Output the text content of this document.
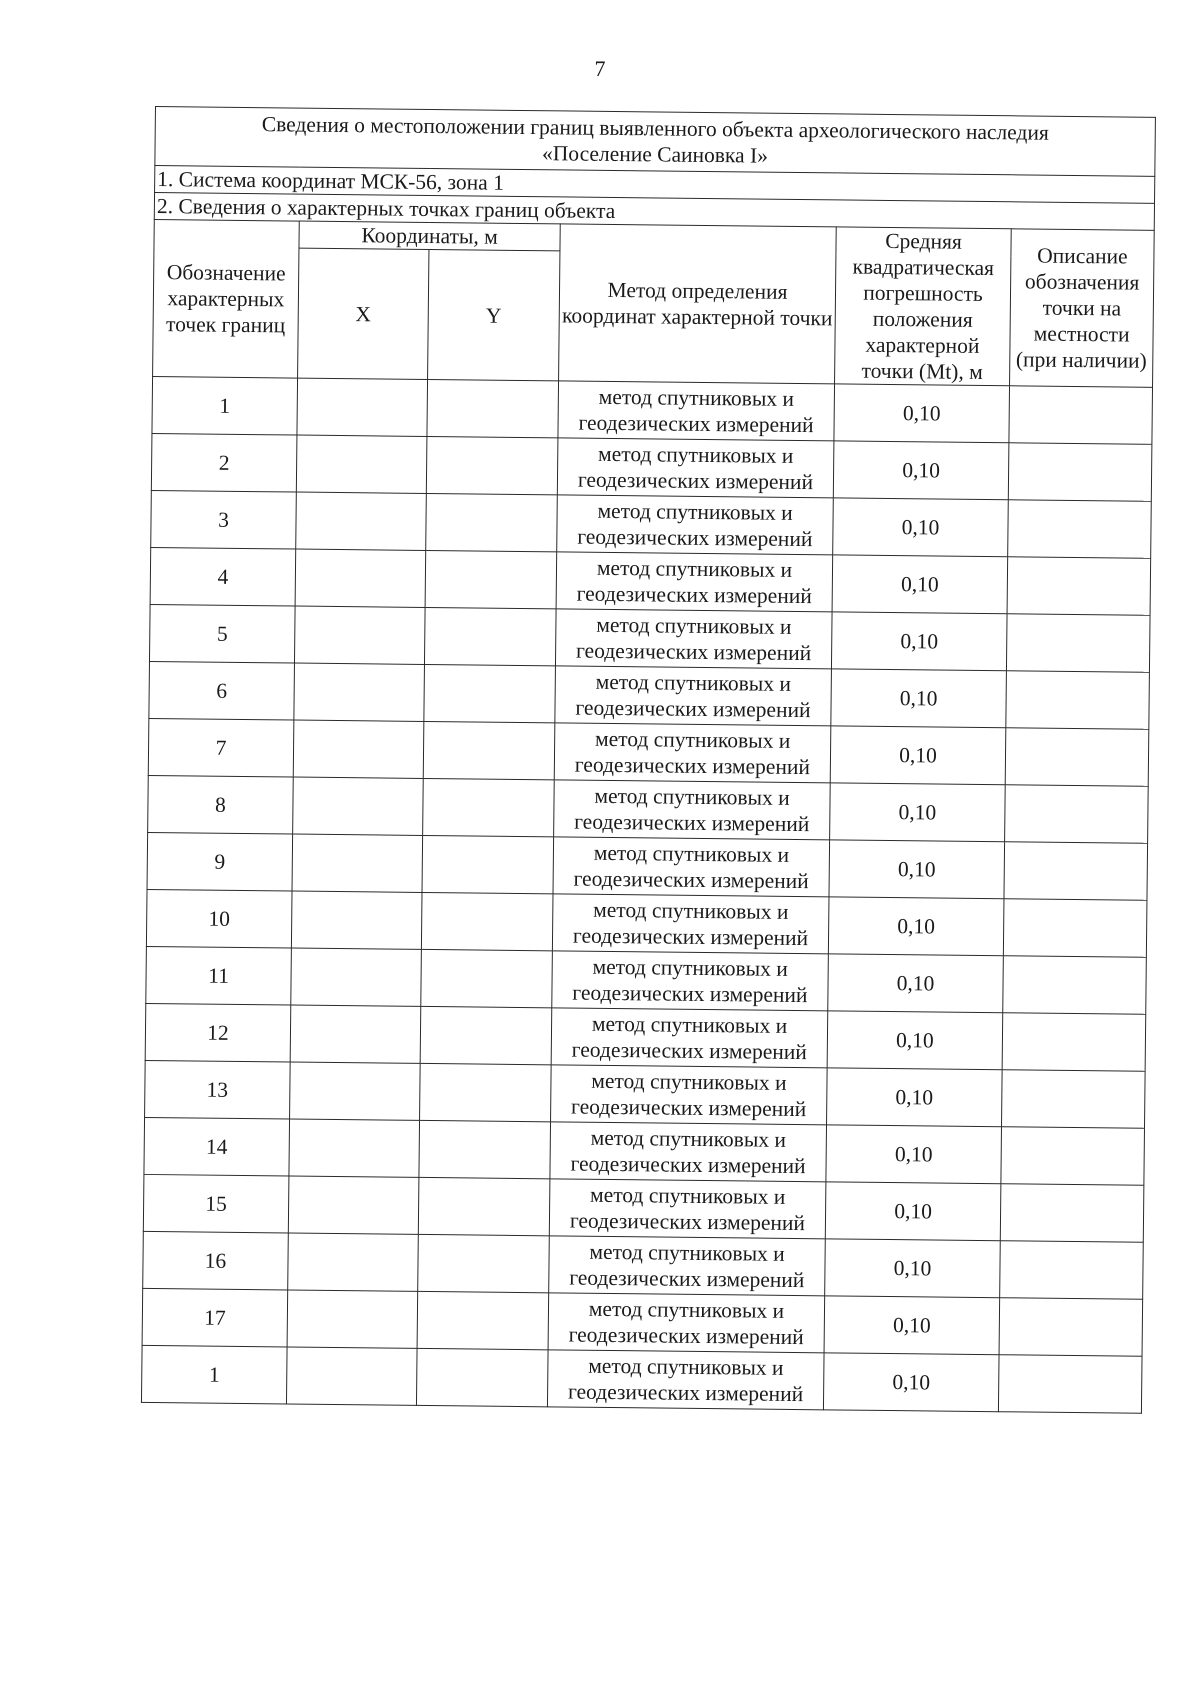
7
Сведения о местоположении границ выявленного объекта археологического наследия
«Поселение Саиновка I»					

1. Система координат МСК-56, зона 1					
2. Сведения о характерных точках границ объекта					
Обозначение характерных точек границ	Координаты, м		Метод определения координат характерной точки	Средняя квадратическая погрешность положения характерной точки (Mt), м	Описание обозначения точки на местности (при наличии)
	X	Y			
1			метод спутниковых и геодезических измерений	0,10	
2			метод спутниковых и геодезических измерений	0,10	
3			метод спутниковых и геодезических измерений	0,10	
4			метод спутниковых и геодезических измерений	0,10	
5			метод спутниковых и геодезических измерений	0,10	
6			метод спутниковых и геодезических измерений	0,10	
7			метод спутниковых и геодезических измерений	0,10	
8			метод спутниковых и геодезических измерений	0,10	
9			метод спутниковых и геодезических измерений	0,10	
10			метод спутниковых и геодезических измерений	0,10	
11			метод спутниковых и геодезических измерений	0,10	
12			метод спутниковых и геодезических измерений	0,10	
13			метод спутниковых и геодезических измерений	0,10	
14			метод спутниковых и геодезических измерений	0,10	
15			метод спутниковых и геодезических измерений	0,10	
16			метод спутниковых и геодезических измерений	0,10	
17			метод спутниковых и геодезических измерений	0,10	
1			метод спутниковых и геодезических измерений	0,10	
